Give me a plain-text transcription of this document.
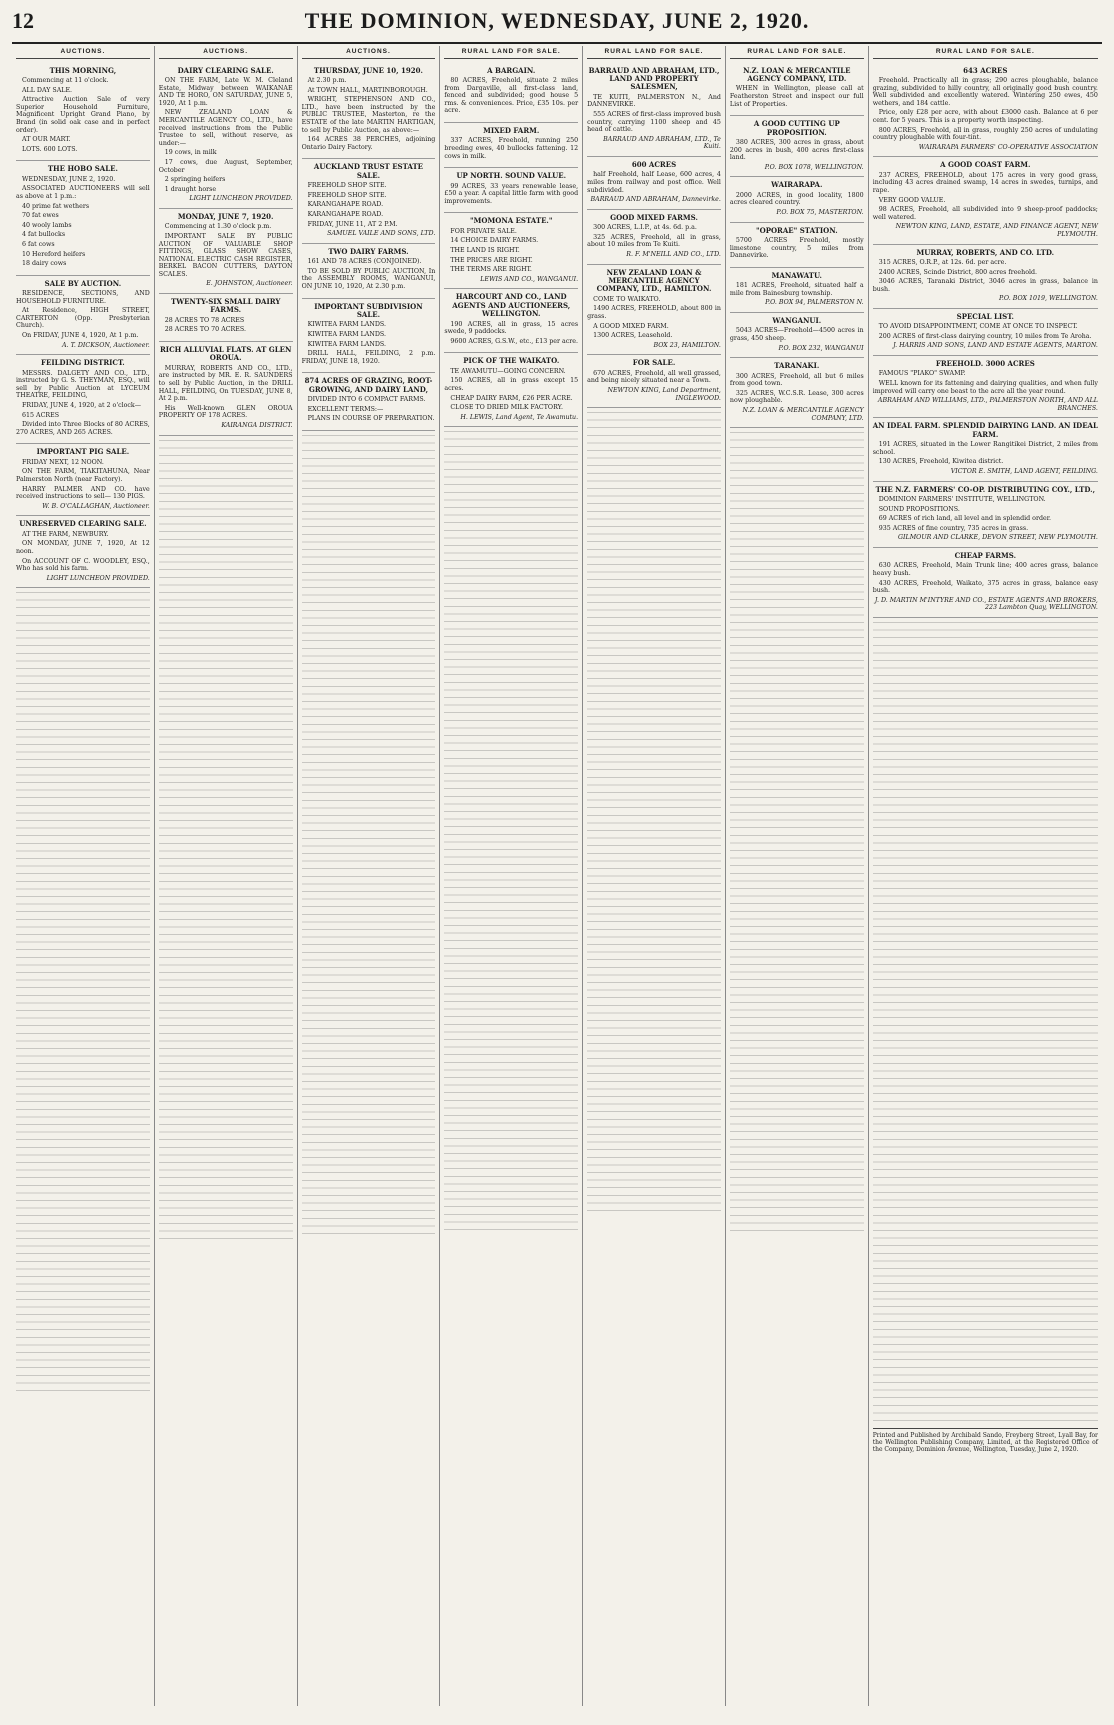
12	THE DOMINION, WEDNESDAY, JUNE 2, 1920.
AUCTIONS.
THIS MORNING,

Commencing at 11 o'clock.

ALL DAY SALE.

Attractive Auction Sale of very Superior Household Furniture, Magnificent Upright Grand Piano, by Brand (in solid oak case and in perfect order).

AT OUR MART.

LOTS. 600 LOTS.

THE HOBO SALE.

WEDNESDAY, JUNE 2, 1920.

ASSOCIATED AUCTIONEERS will sell as above at 1 p.m.:

40 prime fat wethers

70 fat ewes

40 wooly lambs

4 fat bullocks

6 fat cows

10 Hereford heifers

18 dairy cows

SALE BY AUCTION.

RESIDENCE, SECTIONS, AND HOUSEHOLD FURNITURE.

At Residence, HIGH STREET, CARTERTON (Opp. Presbyterian Church).

On FRIDAY, JUNE 4, 1920, At 1 p.m.

A. T. DICKSON, Auctioneer.
FEILDING DISTRICT.

MESSRS. DALGETY AND CO., LTD., instructed by G. S. THEYMAN, ESQ., will sell by Public Auction at LYCEUM THEATRE, FEILDING,

FRIDAY, JUNE 4, 1920, at 2 o'clock—

615 ACRES

Divided into Three Blocks of 80 ACRES, 270 ACRES, AND 265 ACRES.

IMPORTANT PIG SALE.

FRIDAY NEXT, 12 NOON.

ON THE FARM, TIAKITAHUNA, Near Palmerston North (near Factory).

HARRY PALMER AND CO. have received instructions to sell— 130 PIGS.

W. B. O'CALLAGHAN, Auctioneer.
UNRESERVED CLEARING SALE.

AT THE FARM, NEWBURY.

ON MONDAY, JUNE 7, 1920, At 12 noon.

On ACCOUNT OF C. WOODLEY, ESQ., Who has sold his farm.

LIGHT LUNCHEON PROVIDED.
AUCTIONS.
DAIRY CLEARING SALE.

ON THE FARM, Late W. M. Cleland Estate, Midway between WAIKANAE AND TE HORO, ON SATURDAY, JUNE 5, 1920, At 1 p.m.

NEW ZEALAND LOAN & MERCANTILE AGENCY CO., LTD., have received instructions from the Public Trustee to sell, without reserve, as under:—

19 cows, in milk

17 cows, due August, September, October

2 springing heifers

1 draught horse

LIGHT LUNCHEON PROVIDED.
MONDAY, JUNE 7, 1920.

Commencing at 1.30 o'clock p.m.

IMPORTANT SALE BY PUBLIC AUCTION OF VALUABLE SHOP FITTINGS, GLASS SHOW CASES, NATIONAL ELECTRIC CASH REGISTER, BERKEL BACON CUTTERS, DAYTON SCALES.

E. JOHNSTON, Auctioneer.
TWENTY-SIX SMALL DAIRY FARMS.

28 ACRES TO 78 ACRES

28 ACRES TO 70 ACRES.

RICH ALLUVIAL FLATS. AT GLEN OROUA.

MURRAY, ROBERTS AND CO., LTD., are instructed by MR. E. R. SAUNDERS to sell by Public Auction, in the DRILL HALL, FEILDING, On TUESDAY, JUNE 8, At 2 p.m.

His Well-known GLEN OROUA PROPERTY OF 178 ACRES.

KAIRANGA DISTRICT.
AUCTIONS.
THURSDAY, JUNE 10, 1920.

At 2.30 p.m.

At TOWN HALL, MARTINBOROUGH.

WRIGHT, STEPHENSON AND CO., LTD., have been instructed by the PUBLIC TRUSTEE, Masterton, re the ESTATE of the late MARTIN HARTIGAN, to sell by Public Auction, as above:—

164 ACRES 38 PERCHES, adjoining Ontario Dairy Factory.

AUCKLAND TRUST ESTATE SALE.

FREEHOLD SHOP SITE.

FREEHOLD SHOP SITE.

KARANGAHAPE ROAD.

KARANGAHAPE ROAD.

FRIDAY, JUNE 11, AT 2 P.M.

SAMUEL VAILE AND SONS, LTD.
TWO DAIRY FARMS.

161 AND 78 ACRES (CONJOINED).

TO BE SOLD BY PUBLIC AUCTION, In the ASSEMBLY ROOMS, WANGANUI, ON JUNE 10, 1920, At 2.30 p.m.

IMPORTANT SUBDIVISION SALE.

KIWITEA FARM LANDS.

KIWITEA FARM LANDS.

KIWITEA FARM LANDS.

DRILL HALL, FEILDING, 2 p.m. FRIDAY, JUNE 18, 1920.

874 ACRES OF GRAZING, ROOT-GROWING, AND DAIRY LAND,

DIVIDED INTO 6 COMPACT FARMS.

EXCELLENT TERMS:—

PLANS IN COURSE OF PREPARATION.

RURAL LAND FOR SALE.
A BARGAIN.

80 ACRES, Freehold, situate 2 miles from Dargaville, all first-class land, fenced and subdivided; good house 5 rms. & conveniences. Price, £35 10s. per acre.

MIXED FARM.

337 ACRES, Freehold, running 250 breeding ewes, 40 bullocks fattening. 12 cows in milk.

UP NORTH. SOUND VALUE.

99 ACRES, 33 years renewable lease, £50 a year. A capital little farm with good improvements.

"MOMONA ESTATE."

FOR PRIVATE SALE.

14 CHOICE DAIRY FARMS.

THE LAND IS RIGHT.

THE PRICES ARE RIGHT.

THE TERMS ARE RIGHT.

LEWIS AND CO., WANGANUI.
HARCOURT AND CO., LAND AGENTS AND AUCTIONEERS, WELLINGTON.

190 ACRES, all in grass, 15 acres swede, 9 paddocks.

9600 ACRES, G.S.W., etc., £13 per acre.

PICK OF THE WAIKATO.

TE AWAMUTU—GOING CONCERN.

150 ACRES, all in grass except 15 acres.

CHEAP DAIRY FARM, £26 PER ACRE.

CLOSE TO DRIED MILK FACTORY.

H. LEWIS, Land Agent, Te Awamutu.
RURAL LAND FOR SALE.
BARRAUD AND ABRAHAM, LTD., LAND AND PROPERTY SALESMEN,

TE KUITI, PALMERSTON N., And DANNEVIRKE.

555 ACRES of first-class improved bush country, carrying 1100 sheep and 45 head of cattle.

BARRAUD AND ABRAHAM, LTD., Te Kuiti.
600 ACRES

half Freehold, half Lease, 600 acres, 4 miles from railway and post office. Well subdivided.

BARRAUD AND ABRAHAM, Dannevirke.
GOOD MIXED FARMS.

300 ACRES, L.I.P., at 4s. 6d. p.a.

325 ACRES, Freehold, all in grass, about 10 miles from Te Kuiti.

R. F. M'NEILL AND CO., LTD.
NEW ZEALAND LOAN & MERCANTILE AGENCY COMPANY, LTD., HAMILTON.

COME TO WAIKATO.

1490 ACRES, FREEHOLD, about 800 in grass.

A GOOD MIXED FARM.

1300 ACRES, Leasehold.

BOX 23, HAMILTON.
FOR SALE.

670 ACRES, Freehold, all well grassed, and being nicely situated near a Town.

NEWTON KING, Land Department, INGLEWOOD.
RURAL LAND FOR SALE.
N.Z. LOAN & MERCANTILE AGENCY COMPANY, LTD.

WHEN in Wellington, please call at Featherston Street and inspect our full List of Properties.

A GOOD CUTTING UP PROPOSITION.

380 ACRES, 300 acres in grass, about 200 acres in bush, 400 acres first-class land.

P.O. BOX 1078, WELLINGTON.
WAIRARAPA.

2000 ACRES, in good locality, 1800 acres cleared country.

P.O. BOX 75, MASTERTON.
"OPORAE" STATION.

5700 ACRES Freehold, mostly limestone country, 5 miles from Dannevirke.

MANAWATU.

181 ACRES, Freehold, situated half a mile from Bainesburg township.

P.O. BOX 94, PALMERSTON N.
WANGANUI.

5043 ACRES—Freehold—4500 acres in grass, 450 sheep.

P.O. BOX 232, WANGANUI
TARANAKI.

300 ACRES, Freehold, all but 6 miles from good town.

325 ACRES, W.C.S.R. Lease, 300 acres now ploughable.

N.Z. LOAN & MERCANTILE AGENCY COMPANY, LTD.
RURAL LAND FOR SALE.
643 ACRES

Freehold. Practically all in grass; 290 acres ploughable, balance grazing, subdivided to hilly country, all originally good bush country. Well subdivided and excellently watered. Wintering 250 ewes, 450 wethers, and 184 cattle.

Price, only £28 per acre, with about £3000 cash. Balance at 6 per cent. for 5 years. This is a property worth inspecting.

800 ACRES, Freehold, all in grass, roughly 250 acres of undulating country ploughable with four-tint.

WAIRARAPA FARMERS' CO-OPERATIVE ASSOCIATION
A GOOD COAST FARM.

237 ACRES, FREEHOLD, about 175 acres in very good grass, including 43 acres drained swamp, 14 acres in swedes, turnips, and rape.

VERY GOOD VALUE.

98 ACRES, Freehold, all subdivided into 9 sheep-proof paddocks; well watered.

NEWTON KING, LAND, ESTATE, AND FINANCE AGENT, NEW PLYMOUTH.
MURRAY, ROBERTS, AND CO. LTD.

315 ACRES, O.R.P., at 12s. 6d. per acre.

2400 ACRES, Scinde District, 800 acres freehold.

3046 ACRES, Taranaki District, 3046 acres in grass, balance in bush.

P.O. BOX 1019, WELLINGTON.
SPECIAL LIST.

TO AVOID DISAPPOINTMENT, COME AT ONCE TO INSPECT.

200 ACRES of first-class dairying country, 10 miles from Te Aroha.

J. HARRIS AND SONS, LAND AND ESTATE AGENTS, MARTON.
FREEHOLD. 3000 ACRES

FAMOUS "PIAKO" SWAMP.

WELL known for its fattening and dairying qualities, and when fully improved will carry one beast to the acre all the year round.

ABRAHAM AND WILLIAMS, LTD., PALMERSTON NORTH, AND ALL BRANCHES.
AN IDEAL FARM. SPLENDID DAIRYING LAND. AN IDEAL FARM.

191 ACRES, situated in the Lower Rangitikei District, 2 miles from school.

130 ACRES, Freehold, Kiwitea district.

VICTOR E. SMITH, LAND AGENT, FEILDING.
THE N.Z. FARMERS' CO-OP. DISTRIBUTING COY., LTD.,

DOMINION FARMERS' INSTITUTE, WELLINGTON.

SOUND PROPOSITIONS.

69 ACRES of rich land, all level and in splendid order.

935 ACRES of fine country, 735 acres in grass.

GILMOUR AND CLARKE, DEVON STREET, NEW PLYMOUTH.
CHEAP FARMS.

630 ACRES, Freehold, Main Trunk line; 400 acres grass, balance heavy bush.

430 ACRES, Freehold, Waikato, 375 acres in grass, balance easy bush.

J. D. MARTIN M'INTYRE AND CO., ESTATE AGENTS AND BROKERS, 223 Lambton Quay, WELLINGTON.
Printed and Published by Archibald Sando, Freyberg Street, Lyall Bay, for the Wellington Publishing Company, Limited, at the Registered Office of the Company, Dominion Avenue, Wellington, Tuesday, June 2, 1920.
